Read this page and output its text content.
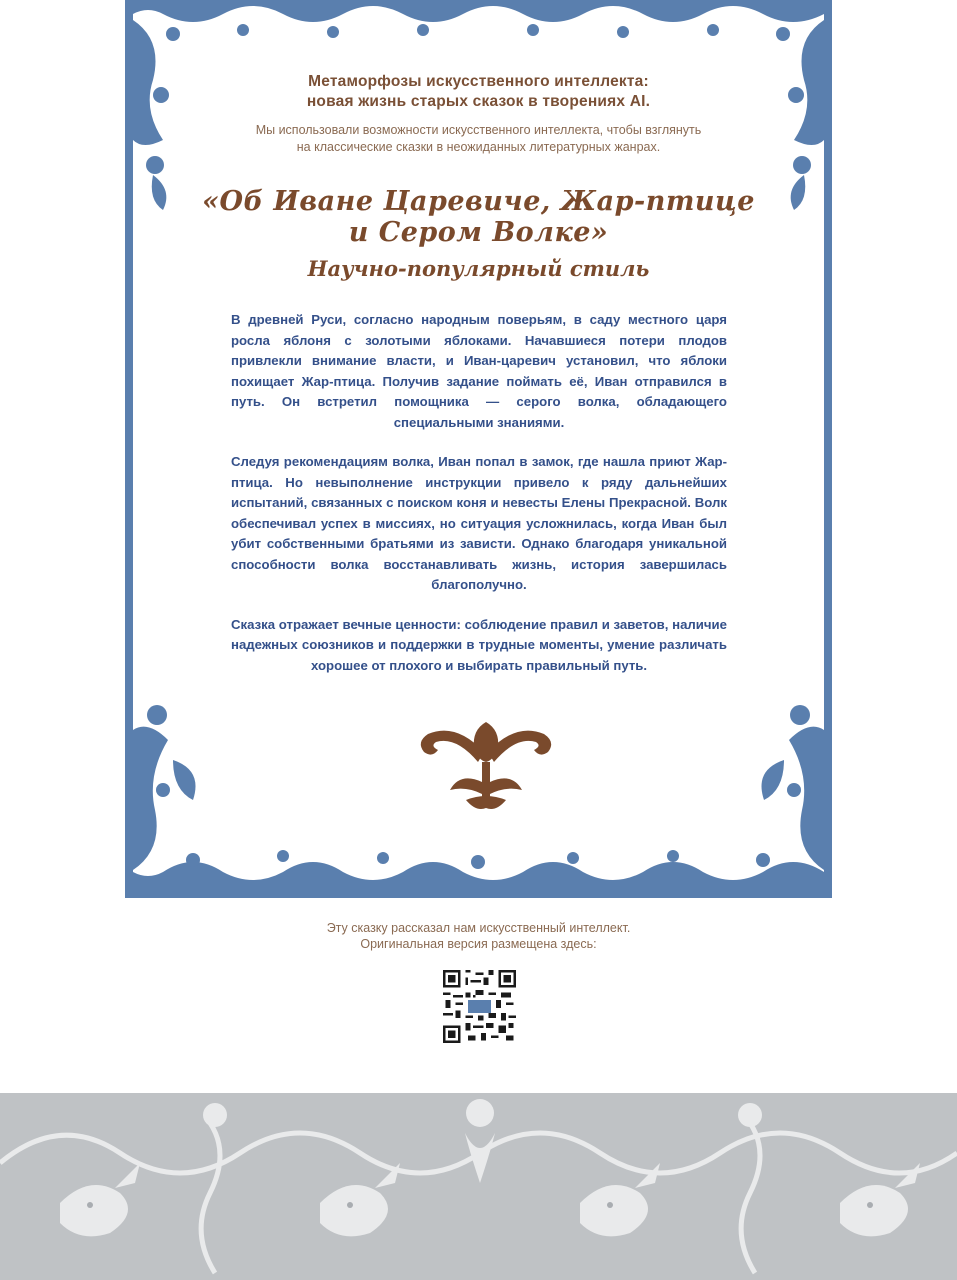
Метаморфозы искусственного интеллекта:
новая жизнь старых сказок в творениях AI.

Мы использовали возможности искусственного интеллекта, чтобы взглянуть
на классические сказки в неожиданных литературных жанрах.

«Об Иване Царевиче, Жар-птице
и Сером Волке»

Научно-популярный стиль

В древней Руси, согласно народным поверьям, в саду местного царя росла яблоня с золотыми яблоками. Начавшиеся потери плодов привлекли внимание власти, и Иван-царевич установил, что яблоки похищает Жар-птица. Получив задание поймать её, Иван отправился в путь. Он встретил помощника — серого волка, обладающего специальными знаниями.

Следуя рекомендациям волка, Иван попал в замок, где нашла приют Жар-птица. Но невыполнение инструкции привело к ряду дальнейших испытаний, связанных с поиском коня и невесты Елены Прекрасной. Волк обеспечивал успех в миссиях, но ситуация усложнилась, когда Иван был убит собственными братьями из зависти. Однако благодаря уникальной способности волка восстанавливать жизнь, история завершилась благополучно.

Сказка отражает вечные ценности: соблюдение правил и заветов, наличие надежных союзников и поддержки в трудные моменты, умение различать хорошее от плохого и выбирать правильный путь.

Эту сказку рассказал нам искусственный интеллект.
Оригинальная версия размещена здесь:
